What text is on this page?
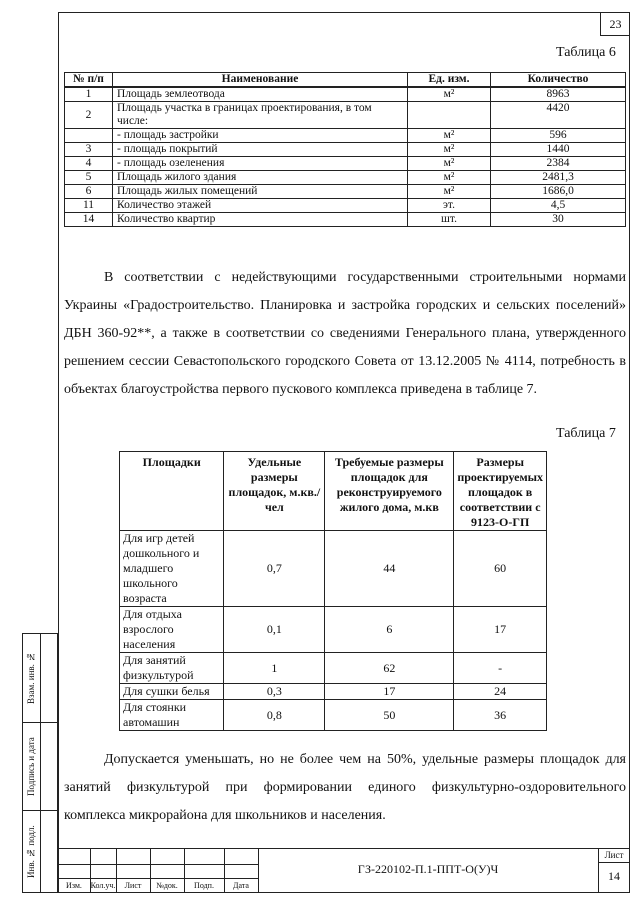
23
Таблица 6
№ п/п	Наименование	Ед. изм.	Количество
1	Площадь землеотвода	м²	8963
2	Площадь участка в границах проектирования, в том числе:		4420
	- площадь застройки	м²	596
3	- площадь покрытий	м²	1440
4	- площадь озеленения	м²	2384
5	Площадь жилого здания	м²	2481,3
6	Площадь жилых помещений	м²	1686,0
11	Количество этажей	эт.	4,5
14	Количество квартир	шт.	30
В соответствии с недействующими государственными строительными нормами Украины «Градостроительство. Планировка и застройка городских и сельских поселений» ДБН 360-92**, а также в соответствии со сведениями Генерального плана, утвержденного решением сессии Севастопольского городского Совета от 13.12.2005 № 4114, потребность в объектах благоустройства первого пускового комплекса приведена в таблице 7.
Таблица 7
Площадки	Удельные размеры площадок, м.кв./чел	Требуемые размеры площадок для реконструируемого жилого дома, м.кв	Размеры проектируемых площадок в соответствии с 9123-О-ГП
Для игр детей дошкольного и младшего школьного возраста	0,7	44	60
Для отдыха взрослого населения	0,1	6	17
Для занятий физкультурой	1	62	-
Для сушки белья	0,3	17	24
Для стоянки автомашин	0,8	50	36
Допускается уменьшать, но не более чем на 50%, удельные размеры площадок для занятий физкультурой при формировании единого физкультурно-оздоровительного комплекса микрорайона для школьников и населения.
Взам. инв. №
Подпись и дата
Инв. № подл.
Изм.	Кол.уч.	Лист	№док.	Подп.	Дата
ГЗ-220102-П.1-ППТ-О(У)Ч
Лист
14
